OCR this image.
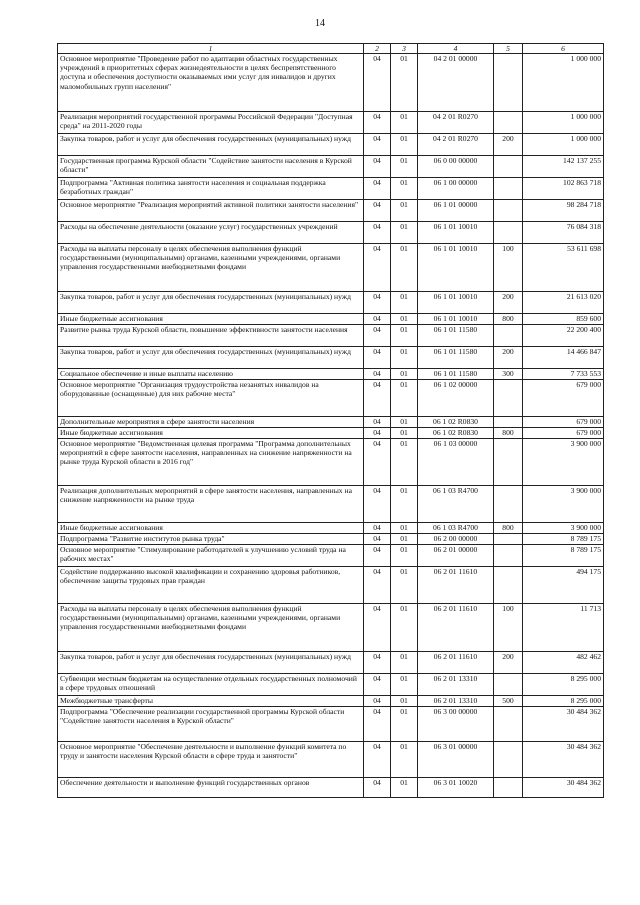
14
1	2	3	4	5	6
Основное мероприятие "Проведение работ по адаптации областных государственных учреждений в приоритетных сферах жизнедеятельности в целях беспрепятственного доступа и обеспечения доступности оказываемых ими услуг для инвалидов и других маломобильных групп населения"	04	01	04 2 01 00000		1 000 000
Реализация мероприятий государственной программы Российской Федерации "Доступная среда" на 2011-2020 годы	04	01	04 2 01 R0270		1 000 000
Закупка товаров, работ и услуг для обеспечения государственных (муниципальных) нужд	04	01	04 2 01 R0270	200	1 000 000
Государственная программа Курской области "Содействие занятости населения в Курской области"	04	01	06 0 00 00000		142 137 255
Подпрограмма "Активная политика занятости населения и социальная поддержка безработных граждан"	04	01	06 1 00 00000		102 863 718
Основное мероприятие "Реализация мероприятий активной политики занятости населения"	04	01	06 1 01 00000		98 284 718
Расходы на обеспечение деятельности (оказание услуг) государственных учреждений	04	01	06 1 01 10010		76 084 318
Расходы на выплаты персоналу в целях обеспечения выполнения функций государственными (муниципальными) органами, казенными учреждениями, органами управления государственными внебюджетными фондами	04	01	06 1 01 10010	100	53 611 698
Закупка товаров, работ и услуг для обеспечения государственных (муниципальных) нужд	04	01	06 1 01 10010	200	21 613 020
Иные бюджетные ассигнования	04	01	06 1 01 10010	800	859 600
Развитие рынка труда Курской области, повышение эффективности занятости населения	04	01	06 1 01 11580		22 200 400
Закупка товаров, работ и услуг для обеспечения государственных (муниципальных) нужд	04	01	06 1 01 11580	200	14 466 847
Социальное обеспечение и иные выплаты населению	04	01	06 1 01 11580	300	7 733 553
Основное мероприятие "Организация трудоустройства незанятых инвалидов на оборудованные (оснащенные) для них рабочие места"	04	01	06 1 02 00000		679 000
Дополнительные мероприятия в сфере занятости населения	04	01	06 1 02 R0830		679 000
Иные бюджетные ассигнования	04	01	06 1 02 R0830	800	679 000
Основное мероприятие "Ведомственная целевая программа "Программа дополнительных мероприятий в сфере занятости населения, направленных на снижение напряженности на рынке труда Курской области в 2016 год"	04	01	06 1 03 00000		3 900 000
Реализация дополнительных мероприятий в сфере занятости населения, направленных на снижение напряженности на рынке труда	04	01	06 1 03 R4700		3 900 000
Иные бюджетные ассигнования	04	01	06 1 03 R4700	800	3 900 000
Подпрограмма "Развитие институтов рынка труда"	04	01	06 2 00 00000		8 789 175
Основное мероприятие "Стимулирование работодателей к улучшению условий труда на рабочих местах"	04	01	06 2 01 00000		8 789 175
Содействие поддержанию высокой квалификации и сохранению здоровья работников, обеспечение защиты трудовых прав граждан	04	01	06 2 01 11610		494 175
Расходы на выплаты персоналу в целях обеспечения выполнения функций государственными (муниципальными) органами, казенными учреждениями, органами управления государственными внебюджетными фондами	04	01	06 2 01 11610	100	11 713
Закупка товаров, работ и услуг для обеспечения государственных (муниципальных) нужд	04	01	06 2 01 11610	200	482 462
Субвенции местным бюджетам на осуществление отдельных государственных полномочий в сфере трудовых отношений	04	01	06 2 01 13310		8 295 000
Межбюджетные трансферты	04	01	06 2 01 13310	500	8 295 000
Подпрограмма "Обеспечение реализации государственной программы Курской области "Содействие занятости населения в Курской области"	04	01	06 3 00 00000		30 484 362
Основное мероприятие "Обеспечение деятельности и выполнение функций комитета по труду и занятости населения Курской области в сфере труда и занятости"	04	01	06 3 01 00000		30 484 362
Обеспечение деятельности и выполнение функций государственных органов	04	01	06 3 01 10020		30 484 362
